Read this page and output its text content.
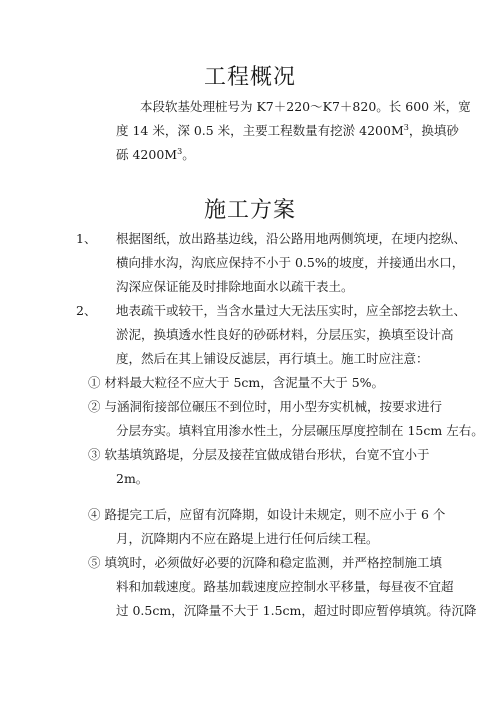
工程概况
本段软基处理桩号为 K7＋220～K7＋820。长 600 米，宽
度 14 米，深 0.5 米，主要工程数量有挖淤 $4200M^3$，换填砂
砾 $4200M^3$。
施工方案
1、 根据图纸，放出路基边线，沿公路用地两侧筑埂，在埂内挖纵、
横向排水沟，沟底应保持不小于 0.5%的坡度，并接通出水口，
沟深应保证能及时排除地面水以疏干表土。
2、 地表疏干或较干，当含水量过大无法压实时，应全部挖去软土、
淤泥，换填透水性良好的砂砾材料，分层压实，换填至设计高
度，然后在其上铺设反滤层，再行填土。施工时应注意：
① 材料最大粒径不应大于 5cm，含泥量不大于 5%。
② 与涵洞衔接部位碾压不到位时，用小型夯实机械，按要求进行
分层夯实。填料宜用渗水性土，分层碾压厚度控制在 15cm 左右。
③ 软基填筑路堤，分层及接茬宜做成错台形状，台宽不宜小于
2m。
④ 路提完工后，应留有沉降期，如设计未规定，则不应小于 6 个
月，沉降期内不应在路堤上进行任何后续工程。
⑤ 填筑时，必须做好必要的沉降和稳定监测，并严格控制施工填
料和加载速度。路基加载速度应控制水平移量，每昼夜不宜超
过 0.5cm，沉降量不大于 1.5cm，超过时即应暂停填筑。待沉降
